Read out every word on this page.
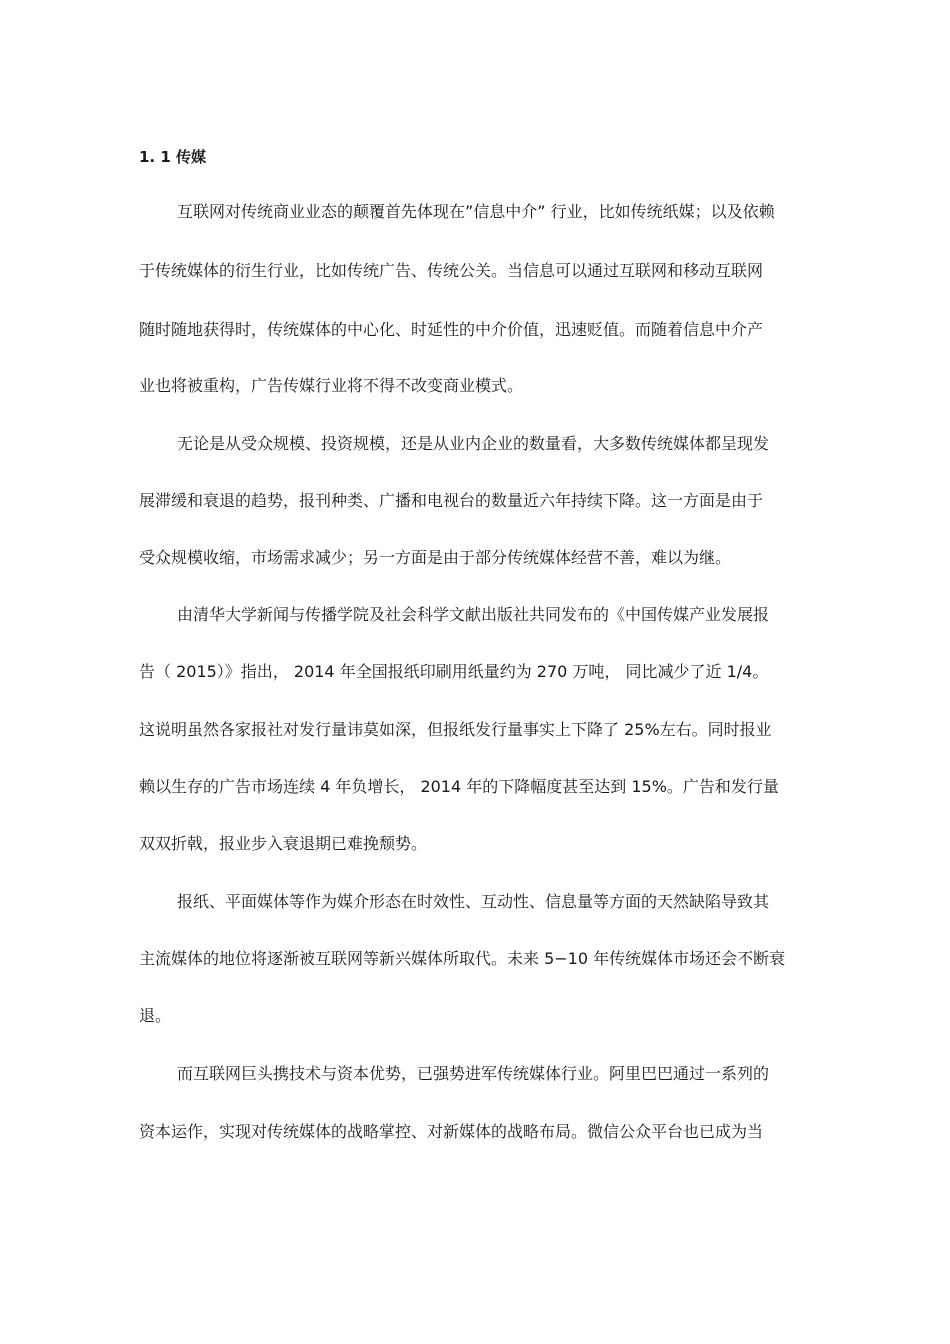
1. 1 传媒
互联网对传统商业业态的颠覆首先体现在”信息中介” 行业，比如传统纸媒；以及依赖
于传统媒体的衍生行业，比如传统广告、传统公关。当信息可以通过互联网和移动互联网
随时随地获得时，传统媒体的中心化、时延性的中介价值，迅速贬值。而随着信息中介产
业也将被重构，广告传媒行业将不得不改变商业模式。
无论是从受众规模、投资规模，还是从业内企业的数量看，大多数传统媒体都呈现发
展滞缓和衰退的趋势，报刊种类、广播和电视台的数量近六年持续下降。这一方面是由于
受众规模收缩，市场需求减少；另一方面是由于部分传统媒体经营不善，难以为继。
由清华大学新闻与传播学院及社会科学文献出版社共同发布的《中国传媒产业发展报
告（ 2015）》指出， 2014 年全国报纸印刷用纸量约为 270 万吨， 同比减少了近 1/4。
这说明虽然各家报社对发行量讳莫如深，但报纸发行量事实上下降了 25%左右。同时报业
赖以生存的广告市场连续 4 年负增长， 2014 年的下降幅度甚至达到 15%。广告和发行量
双双折戟，报业步入衰退期已难挽颓势。
报纸、平面媒体等作为媒介形态在时效性、互动性、信息量等方面的天然缺陷导致其
主流媒体的地位将逐渐被互联网等新兴媒体所取代。未来 5−10 年传统媒体市场还会不断衰
退。
而互联网巨头携技术与资本优势，已强势进军传统媒体行业。阿里巴巴通过一系列的
资本运作，实现对传统媒体的战略掌控、对新媒体的战略布局。微信公众平台也已成为当
